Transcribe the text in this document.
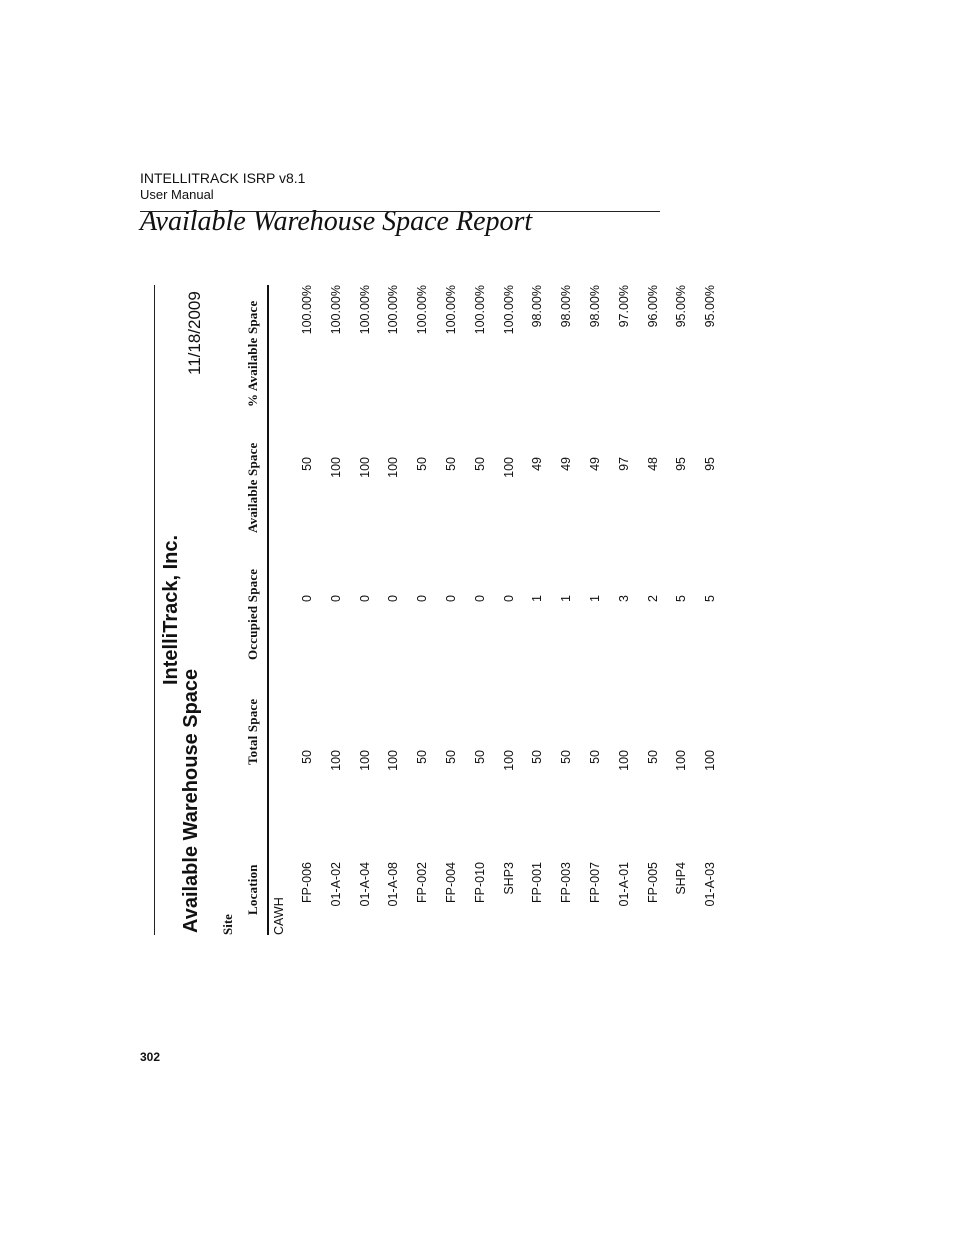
INTELLITRACK ISRP v8.1
User Manual
Available Warehouse Space Report
IntelliTrack, Inc.
Available Warehouse Space
11/18/2009
Site
Location
Total Space
Occupied Space
Available Space
% Available Space
CAWH
FP-006
50
0
50
100.00%
01-A-02
100
0
100
100.00%
01-A-04
100
0
100
100.00%
01-A-08
100
0
100
100.00%
FP-002
50
0
50
100.00%
FP-004
50
0
50
100.00%
FP-010
50
0
50
100.00%
SHP3
100
0
100
100.00%
FP-001
50
1
49
98.00%
FP-003
50
1
49
98.00%
FP-007
50
1
49
98.00%
01-A-01
100
3
97
97.00%
FP-005
50
2
48
96.00%
SHP4
100
5
95
95.00%
01-A-03
100
5
95
95.00%
302
